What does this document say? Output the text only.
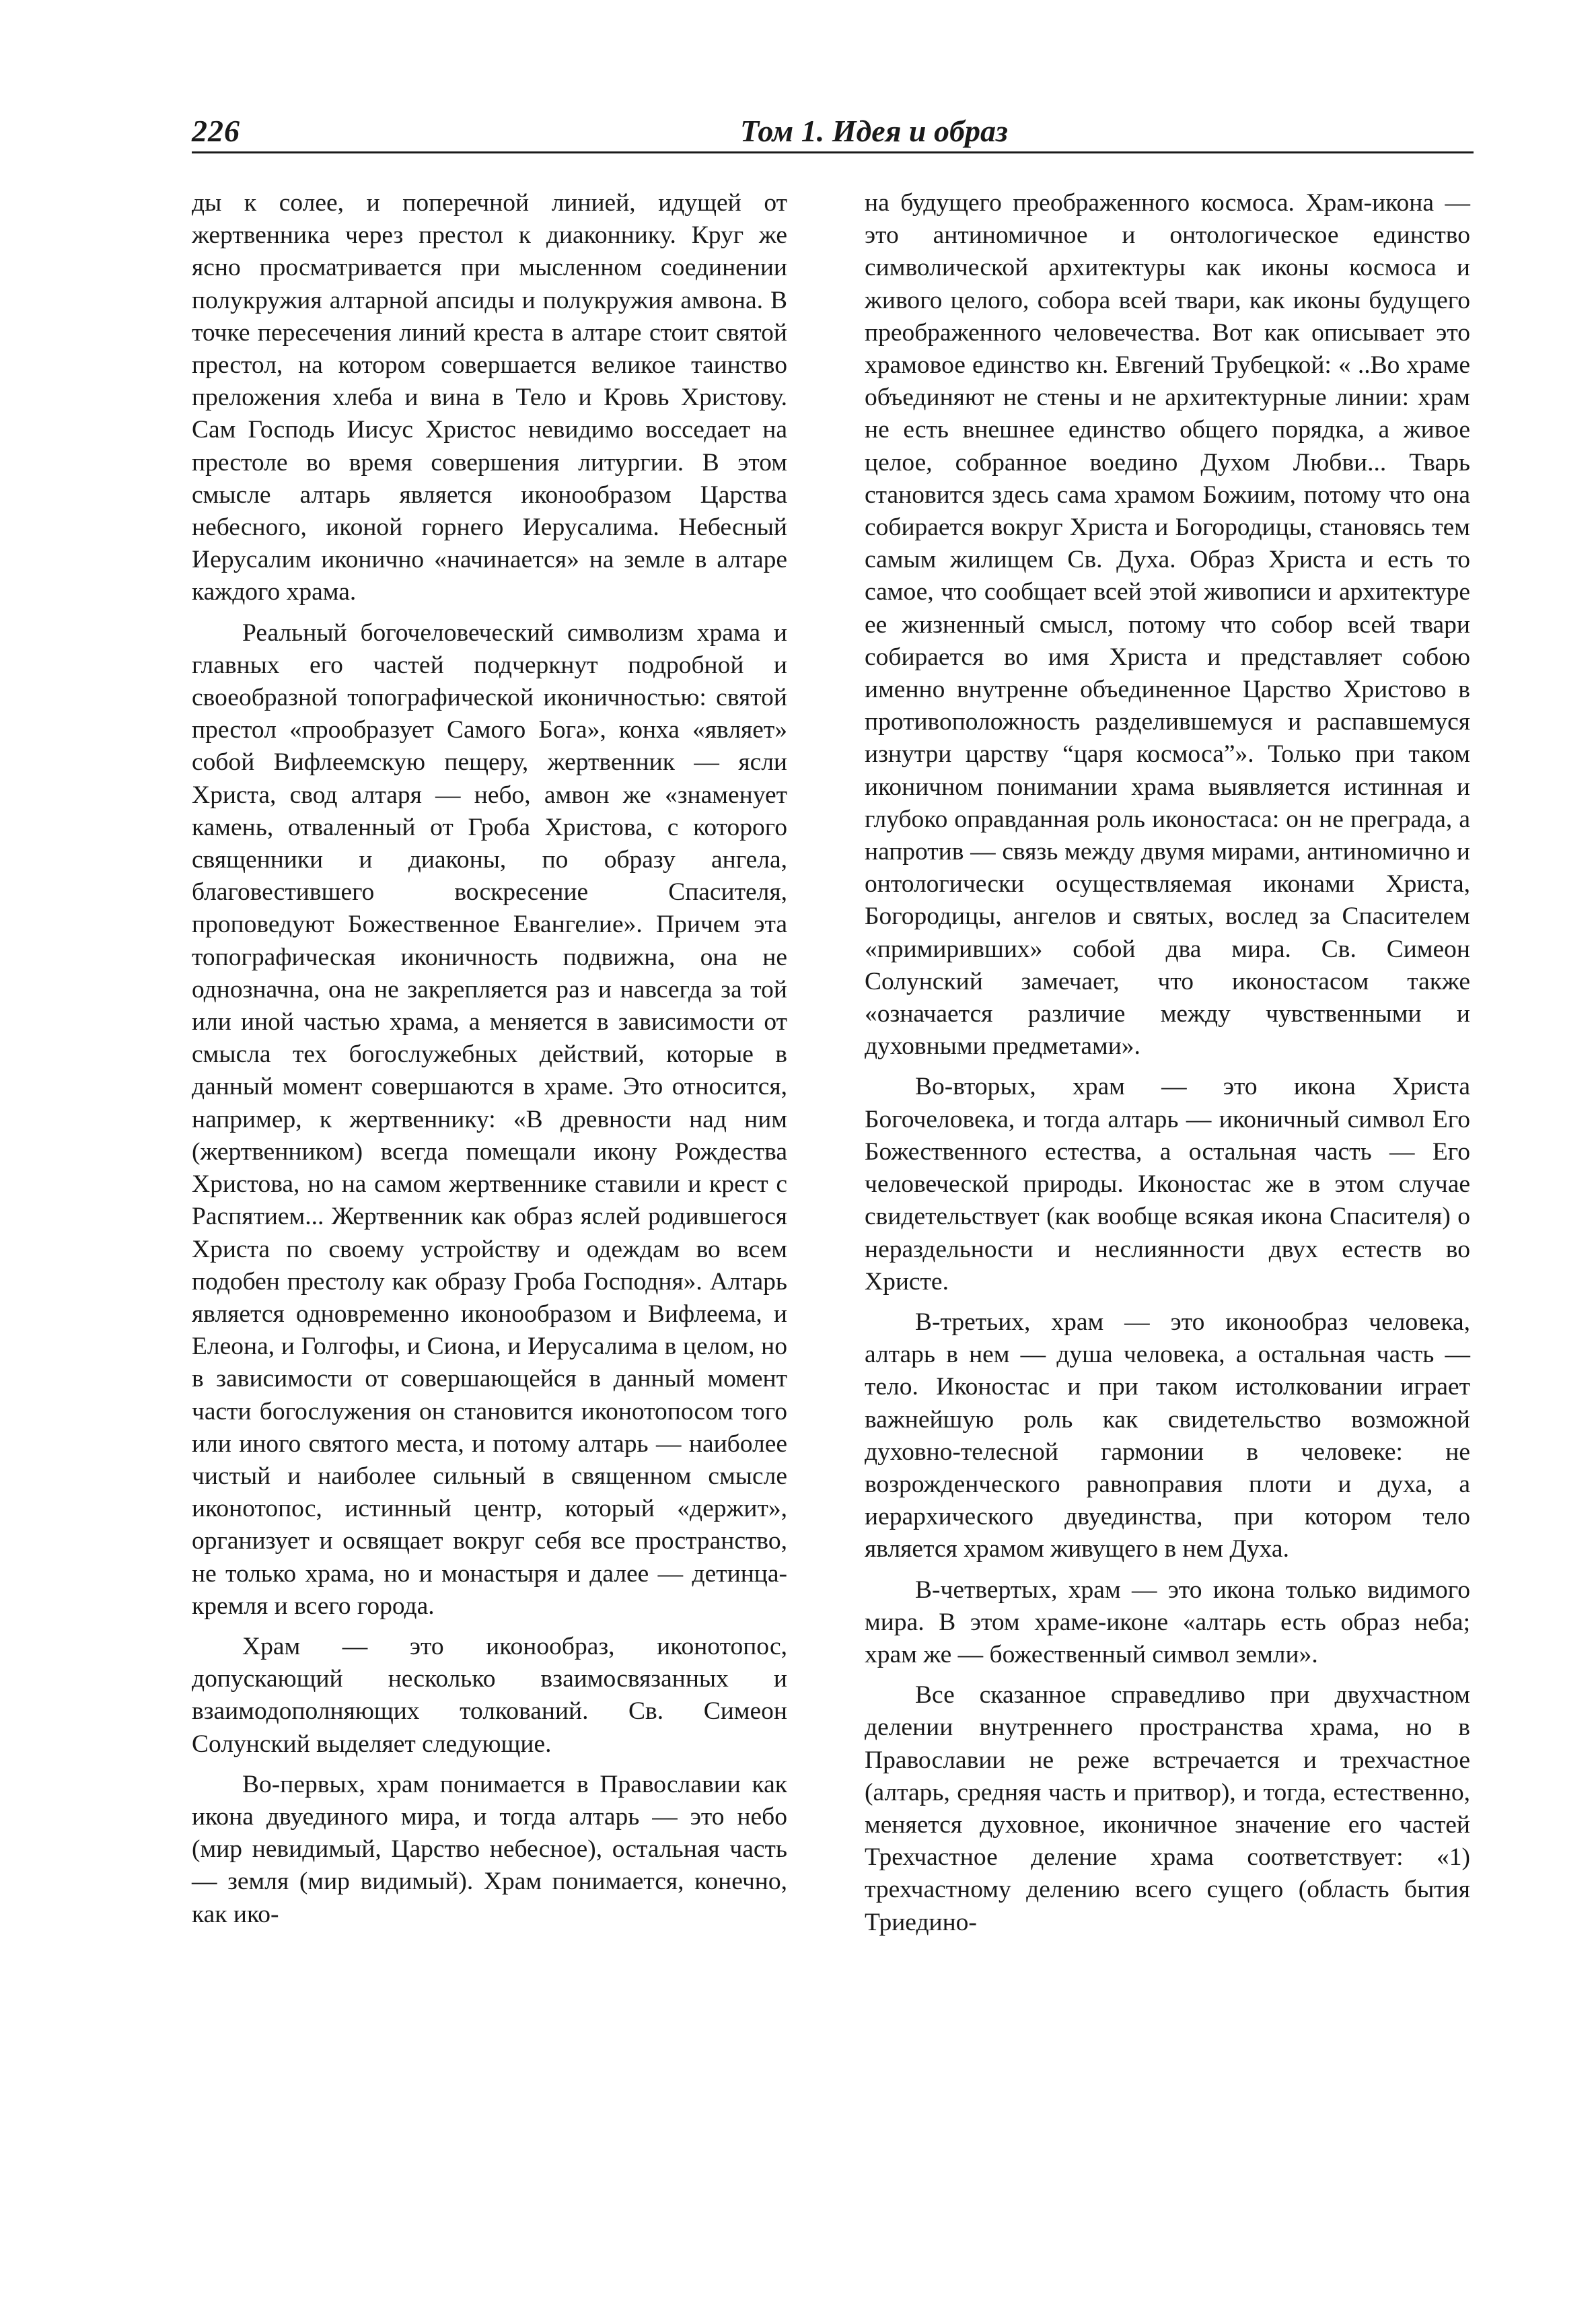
226	Том 1. Идея и образ

ды к солее, и поперечной линией, идущей от жертвенника через престол к диаконнику. Круг же ясно просматривается при мысленном соединении полукружия алтарной апсиды и полукружия амвона. В точке пересечения линий креста в алтаре стоит святой престол, на котором совершается великое таинство преложения хлеба и вина в Тело и Кровь Христову. Сам Господь Иисус Христос невидимо восседает на престоле во время совершения литургии. В этом смысле алтарь является иконообразом Царства небесного, иконой горнего Иерусалима. Небесный Иерусалим иконично «начинается» на земле в алтаре каждого храма.

Реальный богочеловеческий символизм храма и главных его частей подчеркнут подробной и своеобразной топографической иконичностью: святой престол «прообразует Самого Бога», конха «являет» собой Вифлеемскую пещеру, жертвенник — ясли Христа, свод алтаря — небо, амвон же «знаменует камень, отваленный от Гроба Христова, с которого священники и диаконы, по образу ангела, благовестившего воскресение Спасителя, проповедуют Божественное Евангелие». Причем эта топографическая иконичность подвижна, она не однозначна, она не закрепляется раз и навсегда за той или иной частью храма, а меняется в зависимости от смысла тех богослужебных действий, которые в данный момент совершаются в храме. Это относится, например, к жертвеннику: «В древности над ним (жертвенником) всегда помещали икону Рождества Христова, но на самом жертвеннике ставили и крест с Распятием... Жертвенник как образ яслей родившегося Христа по своему устройству и одеждам во всем подобен престолу как образу Гроба Господня». Алтарь является одновременно иконообразом и Вифлеема, и Елеона, и Голгофы, и Сиона, и Иерусалима в целом, но в зависимости от совершающейся в данный момент части богослужения он становится иконотопосом того или иного святого места, и потому алтарь — наиболее чистый и наиболее сильный в священном смысле иконотопос, истинный центр, который «держит», организует и освящает вокруг себя все пространство, не только храма, но и монастыря и далее — детинца-кремля и всего города.

Храм — это иконообраз, иконотопос, допускающий несколько взаимосвязанных и взаимодополняющих толкований. Св. Симеон Солунский выделяет следующие.

Во-первых, храм понимается в Православии как икона двуединого мира, и тогда алтарь — это небо (мир невидимый, Царство небесное), остальная часть — земля (мир видимый). Храм понимается, конечно, как ико-

на будущего преображенного космоса. Храм-икона — это антиномичное и онтологическое единство символической архитектуры как иконы космоса и живого целого, собора всей твари, как иконы будущего преображенного человечества. Вот как описывает это храмовое единство кн. Евгений Трубецкой: « ..Во храме объединяют не стены и не архитектурные линии: храм не есть внешнее единство общего порядка, а живое целое, собранное воедино Духом Любви... Тварь становится здесь сама храмом Божиим, потому что она собирается вокруг Христа и Богородицы, становясь тем самым жилищем Св. Духа. Образ Христа и есть то самое, что сообщает всей этой живописи и архитектуре ее жизненный смысл, потому что собор всей твари собирается во имя Христа и представляет собою именно внутренне объединенное Царство Христово в противоположность разделившемуся и распавшемуся изнутри царству “царя космоса”». Только при таком иконичном понимании храма выявляется истинная и глубоко оправданная роль иконостаса: он не преграда, а напротив — связь между двумя мирами, антиномично и онтологически осуществляемая иконами Христа, Богородицы, ангелов и святых, вослед за Спасителем «примиривших» собой два мира. Св. Симеон Солунский замечает, что иконостасом также «означается различие между чувственными и духовными предметами».

Во-вторых, храм — это икона Христа Богочеловека, и тогда алтарь — иконичный символ Его Божественного естества, а остальная часть — Его человеческой природы. Иконостас же в этом случае свидетельствует (как вообще всякая икона Спасителя) о нераздельности и неслиянности двух естеств во Христе.

В-третьих, храм — это иконообраз человека, алтарь в нем — душа человека, а остальная часть — тело. Иконостас и при таком истолковании играет важнейшую роль как свидетельство возможной духовно-телесной гармонии в человеке: не возрожденческого равноправия плоти и духа, а иерархического двуединства, при котором тело является храмом живущего в нем Духа.

В-четвертых, храм — это икона только видимого мира. В этом храме-иконе «алтарь есть образ неба; храм же — божественный символ земли».

Все сказанное справедливо при двухчастном делении внутреннего пространства храма, но в Православии не реже встречается и трехчастное (алтарь, средняя часть и притвор), и тогда, естественно, меняется духовное, иконичное значение его частей Трехчастное деление храма соответствует: «1) трехчастному делению всего сущего (область бытия Триедино-
